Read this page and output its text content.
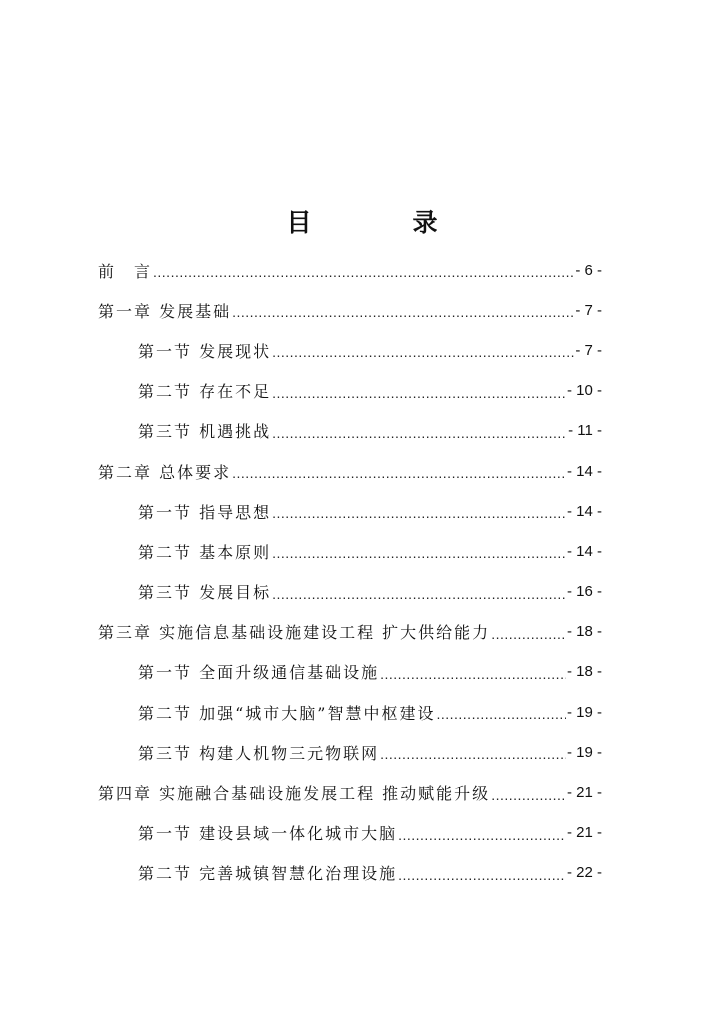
目　录
前　言 .....	- 6 -
第一章 发展基础 .....	- 7 -
第一节 发展现状 .....	- 7 -
第二节 存在不足 .....	- 10 -
第三节 机遇挑战 .....	- 11 -
第二章 总体要求 .....	- 14 -
第一节 指导思想 .....	- 14 -
第二节 基本原则 .....	- 14 -
第三节 发展目标 .....	- 16 -
第三章 实施信息基础设施建设工程 扩大供给能力 .....	- 18 -
第一节 全面升级通信基础设施 .....	- 18 -
第二节 加强“城市大脑”智慧中枢建设 .....	- 19 -
第三节 构建人机物三元物联网 .....	- 19 -
第四章 实施融合基础设施发展工程 推动赋能升级 .....	- 21 -
第一节 建设县域一体化城市大脑 .....	- 21 -
第二节 完善城镇智慧化治理设施 .....	- 22 -
